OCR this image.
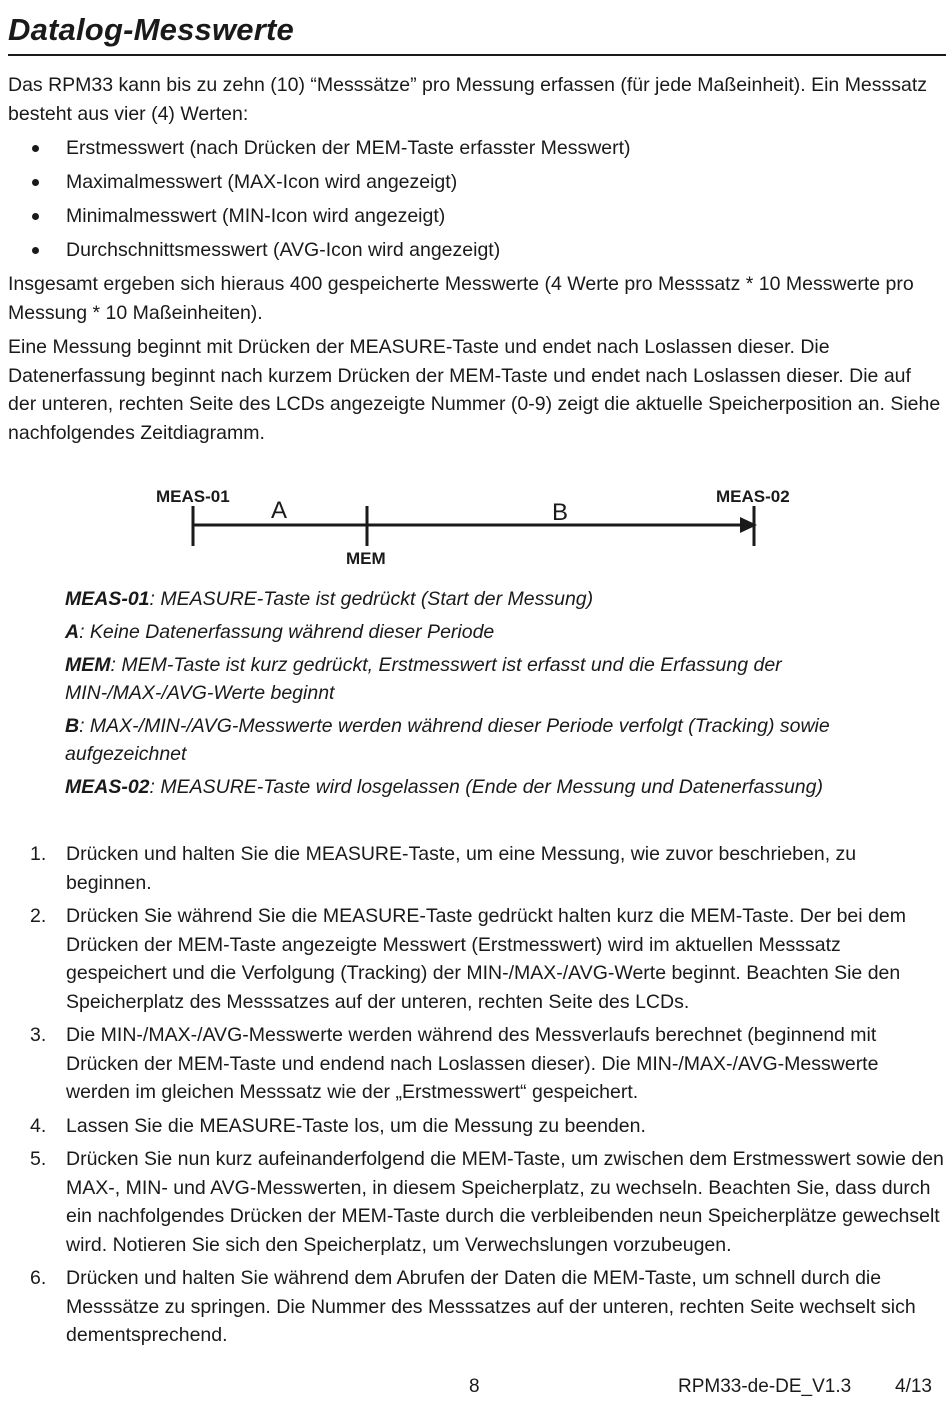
Datalog-Messwerte

Das RPM33 kann bis zu zehn (10) “Messsätze” pro Messung erfassen (für jede Maßeinheit). Ein Messsatz besteht aus vier (4) Werten:

Erstmesswert (nach Drücken der MEM-Taste erfasster Messwert)
Maximalmesswert (MAX-Icon wird angezeigt)
Minimalmesswert (MIN-Icon wird angezeigt)
Durchschnittsmesswert (AVG-Icon wird angezeigt)

Insgesamt ergeben sich hieraus 400 gespeicherte Messwerte (4 Werte pro Messsatz * 10 Messwerte pro Messung * 10 Maßeinheiten).

Eine Messung beginnt mit Drücken der MEASURE-Taste und endet nach Loslassen dieser. Die Datenerfassung beginnt nach kurzem Drücken der MEM-Taste und endet nach Loslassen dieser. Die auf der unteren, rechten Seite des LCDs angezeigte Nummer (0-9) zeigt die aktuelle Speicherposition an. Siehe nachfolgendes Zeitdiagramm.

MEAS-01	MEAS-02
MEM
A	B
MEAS-01: MEASURE-Taste ist gedrückt (Start der Messung)
A: Keine Datenerfassung während dieser Periode
MEM: MEM-Taste ist kurz gedrückt, Erstmesswert ist erfasst und die Erfassung der MIN-/MAX-/AVG-Werte beginnt
B: MAX-/MIN-/AVG-Messwerte werden während dieser Periode verfolgt (Tracking) sowie aufgezeichnet
MEAS-02: MEASURE-Taste wird losgelassen (Ende der Messung und Datenerfassung)
1. Drücken und halten Sie die MEASURE-Taste, um eine Messung, wie zuvor beschrieben, zu beginnen.
2. Drücken Sie während Sie die MEASURE-Taste gedrückt halten kurz die MEM-Taste. Der bei dem Drücken der MEM-Taste angezeigte Messwert (Erstmesswert) wird im aktuellen Messsatz gespeichert und die Verfolgung (Tracking) der MIN-/MAX-/AVG-Werte beginnt. Beachten Sie den Speicherplatz des Messsatzes auf der unteren, rechten Seite des LCDs.
3. Die MIN-/MAX-/AVG-Messwerte werden während des Messverlaufs berechnet (beginnend mit Drücken der MEM-Taste und endend nach Loslassen dieser). Die MIN-/MAX-/AVG-Messwerte werden im gleichen Messsatz wie der „Erstmesswert“ gespeichert.
4. Lassen Sie die MEASURE-Taste los, um die Messung zu beenden.
5. Drücken Sie nun kurz aufeinanderfolgend die MEM-Taste, um zwischen dem Erstmesswert sowie den MAX-, MIN- und AVG-Messwerten, in diesem Speicherplatz, zu wechseln. Beachten Sie, dass durch ein nachfolgendes Drücken der MEM-Taste durch die verbleibenden neun Speicherplätze gewechselt wird. Notieren Sie sich den Speicherplatz, um Verwechslungen vorzubeugen.
6. Drücken und halten Sie während dem Abrufen der Daten die MEM-Taste, um schnell durch die Messsätze zu springen. Die Nummer des Messsatzes auf der unteren, rechten Seite wechselt sich dementsprechend.
8	RPM33-de-DE_V1.3 4/13
